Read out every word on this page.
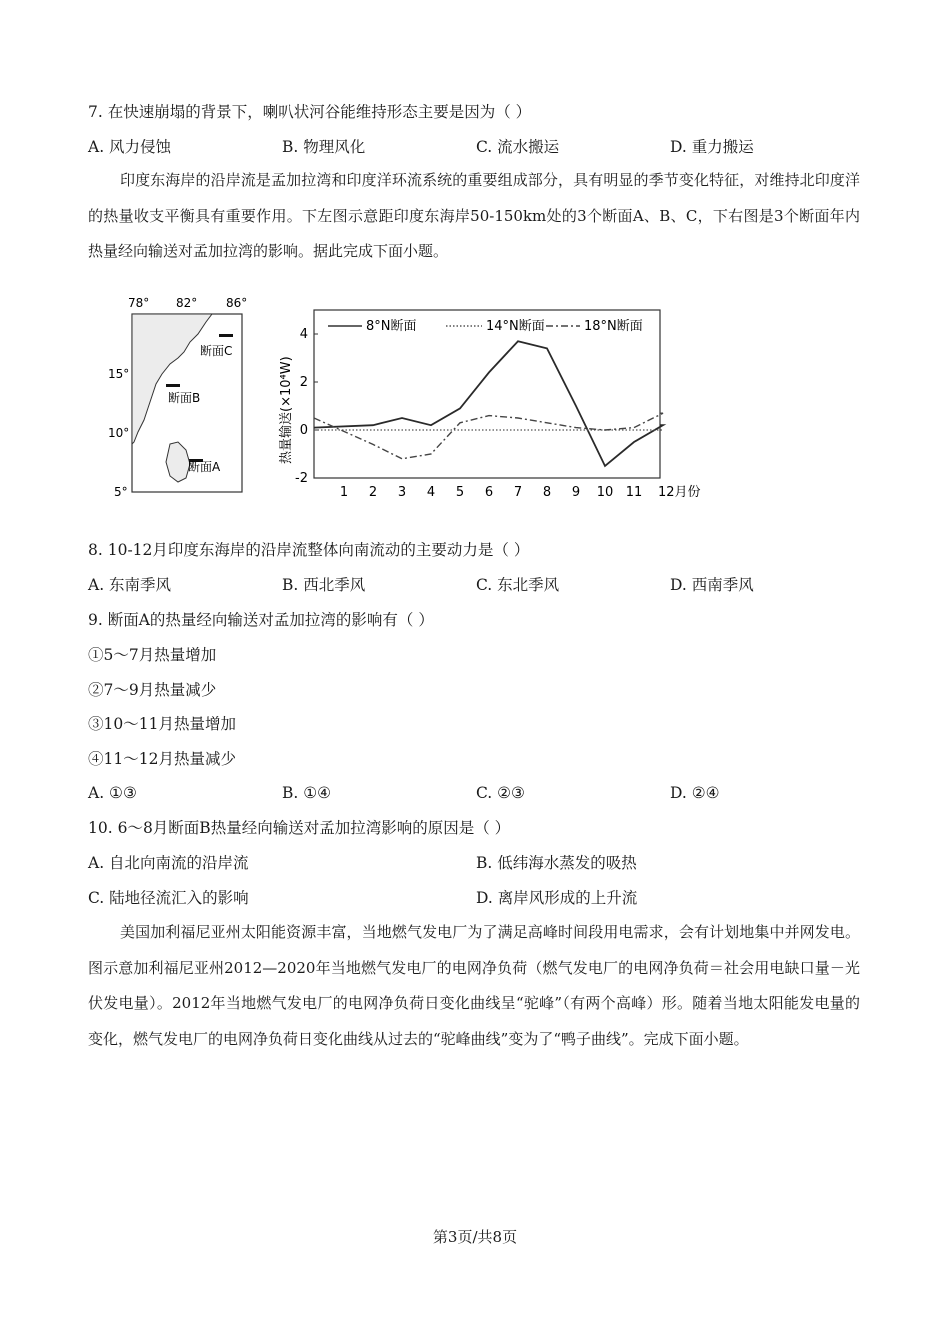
7. 在快速崩塌的背景下，喇叭状河谷能维持形态主要是因为（ ）
A. 风力侵蚀	B. 物理风化	C. 流水搬运	D. 重力搬运
印度东海岸的沿岸流是孟加拉湾和印度洋环流系统的重要组成部分，具有明显的季节变化特征，对维持北印度洋的热量收支平衡具有重要作用。下左图示意距印度东海岸50-150km处的3个断面A、B、C，下右图是3个断面年内热量经向输送对孟加拉湾的影响。据此完成下面小题。
断面C
断面B
断面A
78° 82° 86°
15°
10°
5°
热量输送(×10⁴W)
8°N断面	14°N断面	18°N断面
4
2
0
-2
1 2 3 4 5 6 7 8 9 10 11 12月份
8. 10-12月印度东海岸的沿岸流整体向南流动的主要动力是（ ）
A. 东南季风	B. 西北季风	C. 东北季风	D. 西南季风
9. 断面A的热量经向输送对孟加拉湾的影响有（ ）
①5～7月热量增加
②7～9月热量减少
③10～11月热量增加
④11～12月热量减少
A. ①③	B. ①④	C. ②③	D. ②④
10. 6～8月断面B热量经向输送对孟加拉湾影响的原因是（ ）
A. 自北向南流的沿岸流	B. 低纬海水蒸发的吸热
C. 陆地径流汇入的影响	D. 离岸风形成的上升流
美国加利福尼亚州太阳能资源丰富，当地燃气发电厂为了满足高峰时间段用电需求，会有计划地集中并网发电。图示意加利福尼亚州2012—2020年当地燃气发电厂的电网净负荷（燃气发电厂的电网净负荷＝社会用电缺口量－光伏发电量）。2012年当地燃气发电厂的电网净负荷日变化曲线呈“驼峰”（有两个高峰）形。随着当地太阳能发电量的变化，燃气发电厂的电网净负荷日变化曲线从过去的“驼峰曲线”变为了“鸭子曲线”。完成下面小题。
第3页/共8页
